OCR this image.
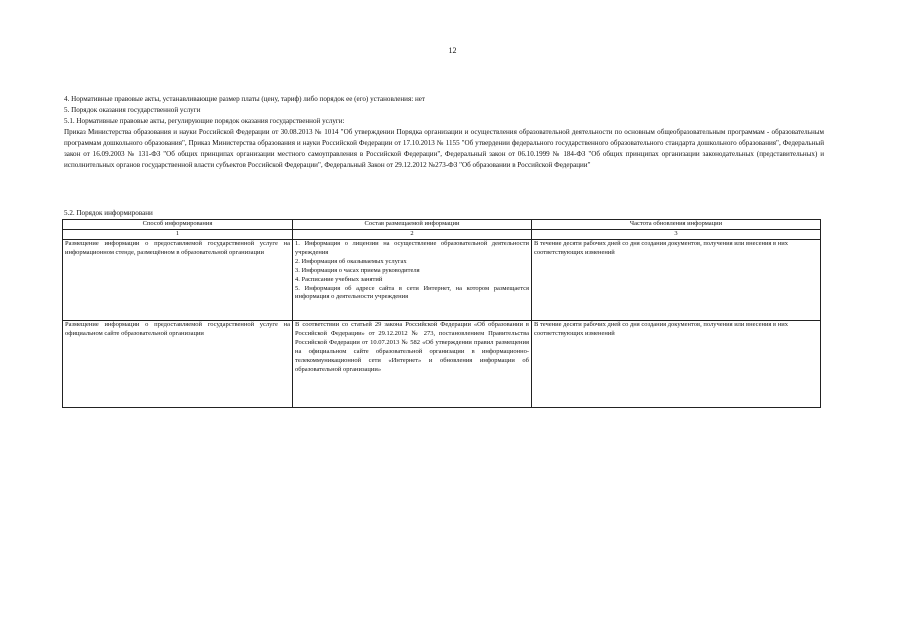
12

4. Нормативные правовые акты, устанавливающие размер платы (цену, тариф) либо порядок ее (его) установления: нет

5. Порядок оказания государственной услуги

5.1. Нормативные правовые акты, регулирующие порядок оказания государственной услуги:

Приказ Министерства образования и науки Российской Федерации от 30.08.2013 № 1014 "Об утверждении Порядка организации и осуществления образовательной деятельности по основным общеобразовательным программам - образовательным программам дошкольного образования", Приказ Министерства образования и науки Российской Федерации от 17.10.2013 № 1155 "Об утвердении федерального государственного образовательного стандарта дошкольного образования", Федеральный закон от 16.09.2003 № 131-ФЗ "Об общих принципах организации местного самоуправления в Российской Федерации", Федеральный закон от 06.10.1999 № 184-ФЗ "Об общих принципах организации законодательных (представительных) и исполнительных органов государственной власти субъектов Российской Федерации", Федеральный Закон от 29.12.2012 №273-ФЗ "Об образовании в Российской Федерации"

5.2. Порядок информировани
Способ информирования	Состав размещаемой информации	Частота обновления информации
1	2	3
Размещение информации о предоставляемой государственной услуге на информационном стенде, размещённом в образовательной организации	1. Информация о лицензии на осуществление образовательной деятельности учреждения
2. Информация об оказываемых услугах
3. Информация о часах приема руководителя
4. Расписание учебных занятий
5. Информация об адресе сайта в сети Интернет, на котором размещается информация о деятельности учреждения	В течение десяти рабочих дней со дня создания документов, получения или внесения в них соответствующих изменений
Размещение информации о предоставляемой государственной услуге на официальном сайте образовательной организации	В соответствии со статьей 29 закона Российской Федерации «Об образовании в Российской Федерации» от 29.12.2012 № 273, постановлением Правительства Российской Федерации от 10.07.2013 № 582 «Об утверждении правил размещения на официальном сайте образовательной организации в информационно-телекоммуникационной сети «Интернет» и обновления информации об образовательной организации»	В течение десяти рабочих дней со дня создания документов, получения или внесения в них соответствующих изменений
